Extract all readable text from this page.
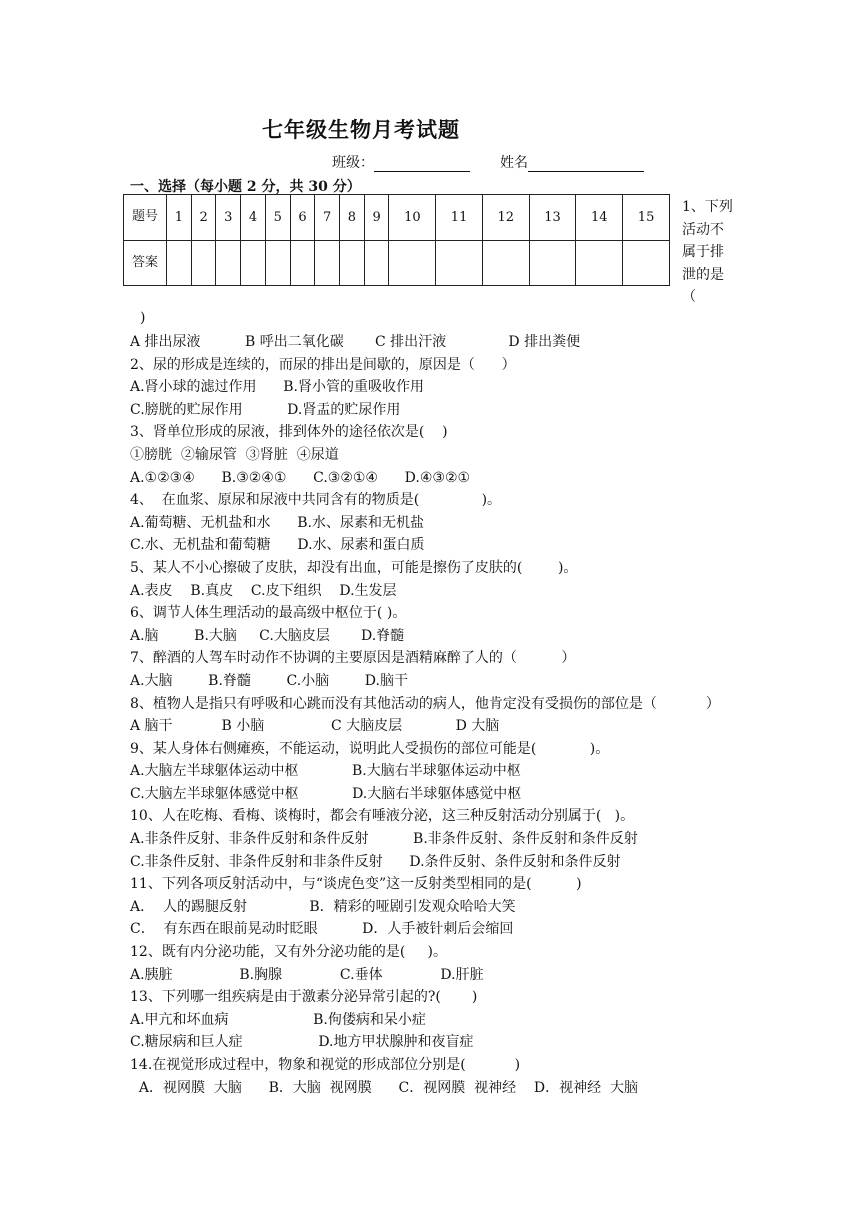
七年级生物月考试题
班级：	姓名
一、选择（每小题 2 分，共 30 分）
题号	1	2	3	4	5	6	7	8	9	10	11	12	13	14	15
答案															
1、下列活动不属于排泄的是 （
)
A 排出尿液          B 呼出二氧化碳       C 排出汗液              D 排出粪便
2、尿的形成是连续的，而尿的排出是间歇的，原因是（      ）
A.肾小球的滤过作用      B.肾小管的重吸收作用
C.膀胱的贮尿作用          D.肾盂的贮尿作用
3、肾单位形成的尿液，排到体外的途径依次是(    )
①膀胱  ②输尿管  ③肾脏  ④尿道
A.①②③④      B.③②④①      C.③②①④      D.④③②①
4、  在血浆、原尿和尿液中共同含有的物质是(              )。
A.葡萄糖、无机盐和水      B.水、尿素和无机盐
C.水、无机盐和葡萄糖      D.水、尿素和蛋白质
5、某人不小心擦破了皮肤，却没有出血，可能是擦伤了皮肤的(        )。
A.表皮    B.真皮    C.皮下组织    D.生发层
6、调节人体生理活动的最高级中枢位于( )。
A.脑        B.大脑     C.大脑皮层       D.脊髓
7、醉酒的人驾车时动作不协调的主要原因是酒精麻醉了人的（          ）
A.大脑        B.脊髓        C.小脑        D.脑干
8、植物人是指只有呼吸和心跳而没有其他活动的病人，他肯定没有受损伤的部位是（           ）
A 脑干           B 小脑               C 大脑皮层            D 大脑
9、某人身体右侧瘫痪，不能运动，说明此人受损伤的部位可能是(            )。
A.大脑左半球躯体运动中枢            B.大脑右半球躯体运动中枢
C.大脑左半球躯体感觉中枢            D.大脑右半球躯体感觉中枢
10、人在吃梅、看梅、谈梅时，都会有唾液分泌，这三种反射活动分别属于(   )。
A.非条件反射、非条件反射和条件反射          B.非条件反射、条件反射和条件反射
C.非条件反射、非条件反射和非条件反射      D.条件反射、条件反射和条件反射
11、下列各项反射活动中，与“谈虎色变”这一反射类型相同的是(          )
A．  人的踢腿反射              B．精彩的哑剧引发观众哈哈大笑
C．  有东西在眼前晃动时眨眼          D．人手被针刺后会缩回
12、既有内分泌功能，又有外分泌功能的是(     )。
A.胰脏               B.胸腺             C.垂体             D.肝脏
13、下列哪一组疾病是由于激素分泌异常引起的?(       )
A.甲亢和坏血病                   B.佝偻病和呆小症
C.糖尿病和巨人症                 D.地方甲状腺肿和夜盲症
14.在视觉形成过程中，物象和视觉的形成部位分别是(           )
A．视网膜  大脑      B．大脑  视网膜      C．视网膜  视神经    D．视神经  大脑
